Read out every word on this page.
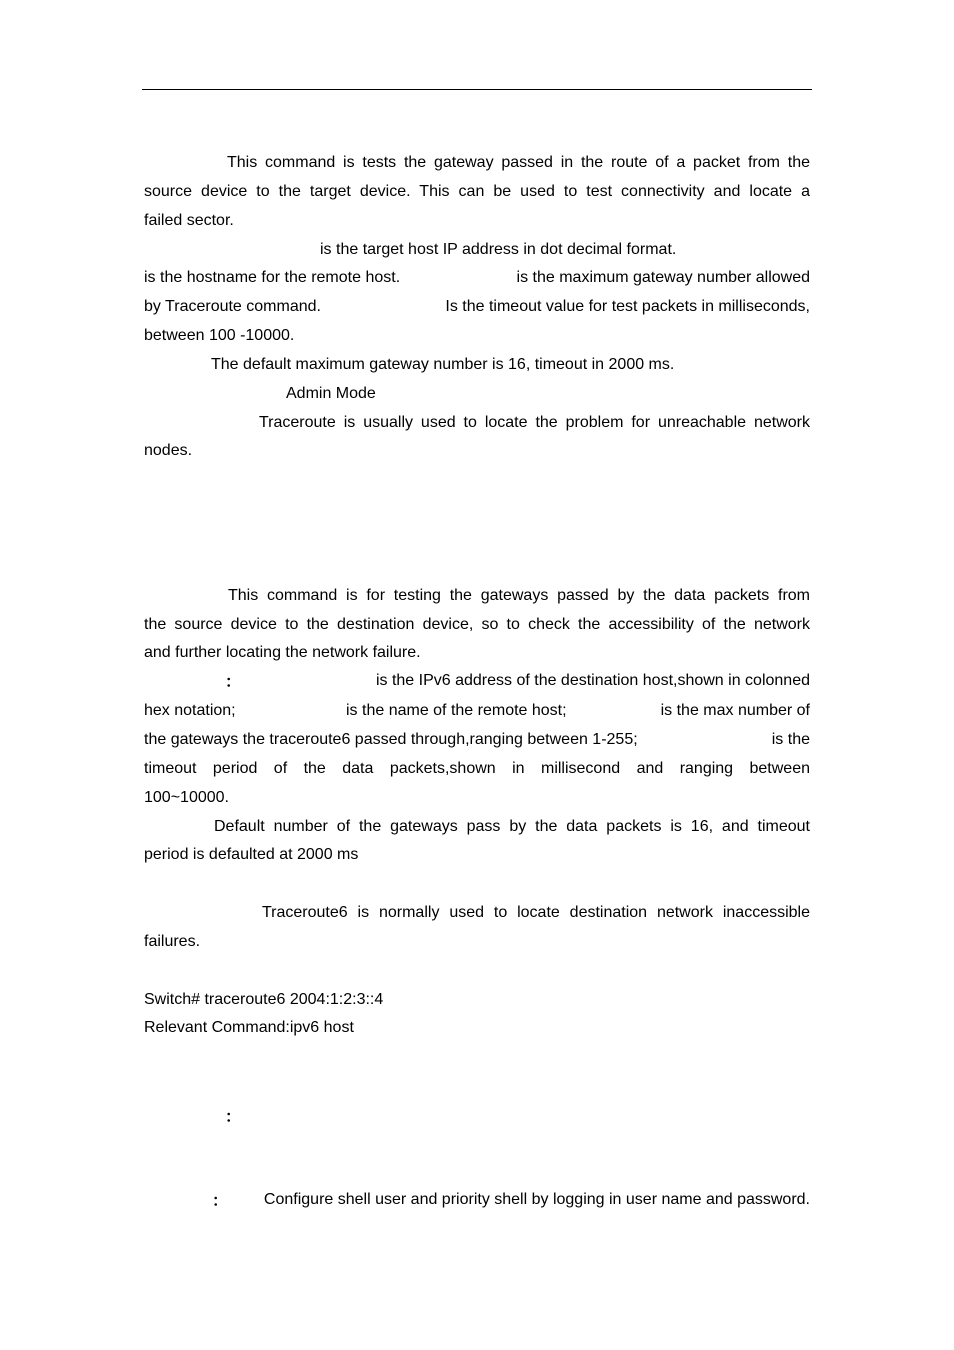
This command is tests the gateway passed in the route of a packet from the
source device to the target device. This can be used to test connectivity and locate a
failed sector.
is the target host IP address in dot decimal format.
is the hostname for the remote host.	is the maximum gateway number allowed
by Traceroute command.	Is the timeout value for test packets in milliseconds,
between 100 -10000.
The default maximum gateway number is 16, timeout in 2000 ms.
Admin Mode
Traceroute is usually used to locate the problem for unreachable network
nodes.
This command is for testing the gateways passed by the data packets from
the source device to the destination device, so to check the accessibility of the network
and further locating the network failure.
：	is the IPv6 address of the destination host,shown in colonned
hex notation;	is the name of the remote host;	is the max number of
the gateways the traceroute6 passed through,ranging between 1-255;	is the
timeout period of the data packets,shown in millisecond and ranging between
100~10000.
Default number of the gateways pass by the data packets is 16, and timeout
period is defaulted at 2000 ms
Traceroute6 is normally used to locate destination network inaccessible
failures.
Switch# traceroute6 2004:1:2:3::4
Relevant Command:ipv6 host
：
： Configure shell user and priority shell by logging in user name and password.
